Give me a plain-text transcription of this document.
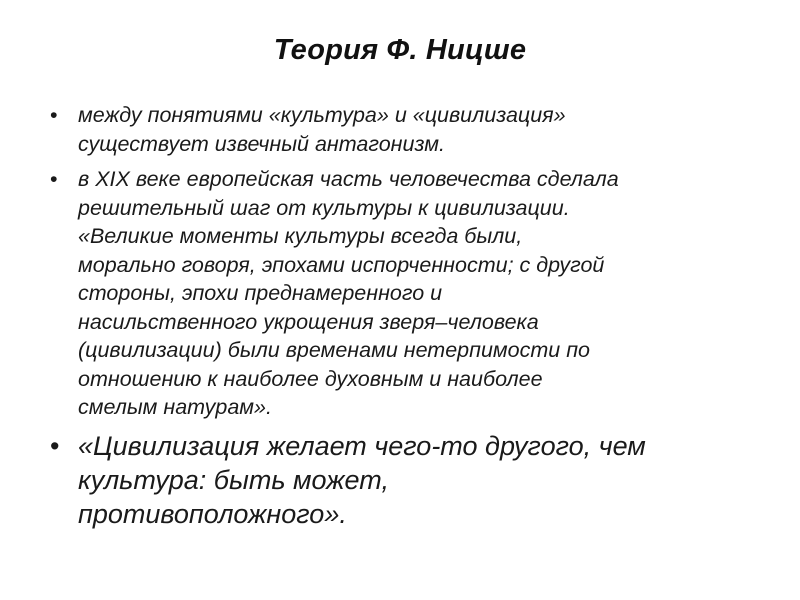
Теория Ф. Ницше
• между понятиями «культура» и «цивилизация»
существует извечный антагонизм.
• в XIX веке европейская часть человечества сделала
решительный шаг от культуры к цивилизации.
«Великие моменты культуры всегда были,
морально говоря, эпохами испорченности; с другой
стороны, эпохи преднамеренного и
насильственного укрощения зверя–человека
(цивилизации) были временами нетерпимости по
отношению к наиболее духовным и наиболее
смелым натурам».
• «Цивилизация желает чего-то другого, чем
культура: быть может,
противоположного».
